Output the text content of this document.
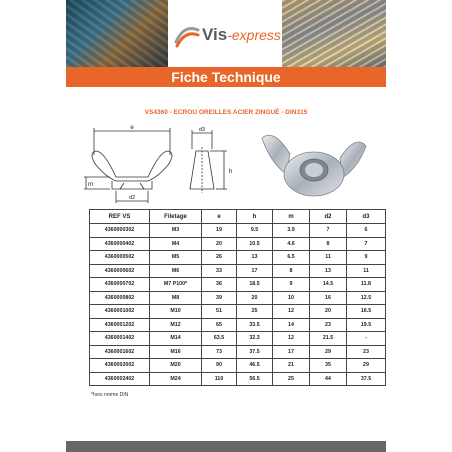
Vis-express
Fiche Technique
VS4360 - ECROU OREILLES ACIER ZINGUÉ - DIN315
e	d3
h
m
d2
REF VS	Filetage	e	h	m	d2	d3
4360000302	M3	19	9.5	3.9	7	6
4360000402	M4	20	10.5	4.6	8	7
4360000502	M5	26	13	6.5	11	9
4360000602	M6	33	17	8	13	11
4360000702	M7 P100*	36	18.5	9	14.5	11.8
4360000802	M8	39	20	10	16	12.5
4360001002	M10	51	25	12	20	16.5
4360001202	M12	65	33.5	14	23	19.5
4360001402	M14	63.5	32.3	12	21.5	-
4360001602	M16	73	37.5	17	29	23
4360002002	M20	90	46.5	21	35	29
4360002402	M24	110	56.5	25	44	37.5
*hors norme DIN
